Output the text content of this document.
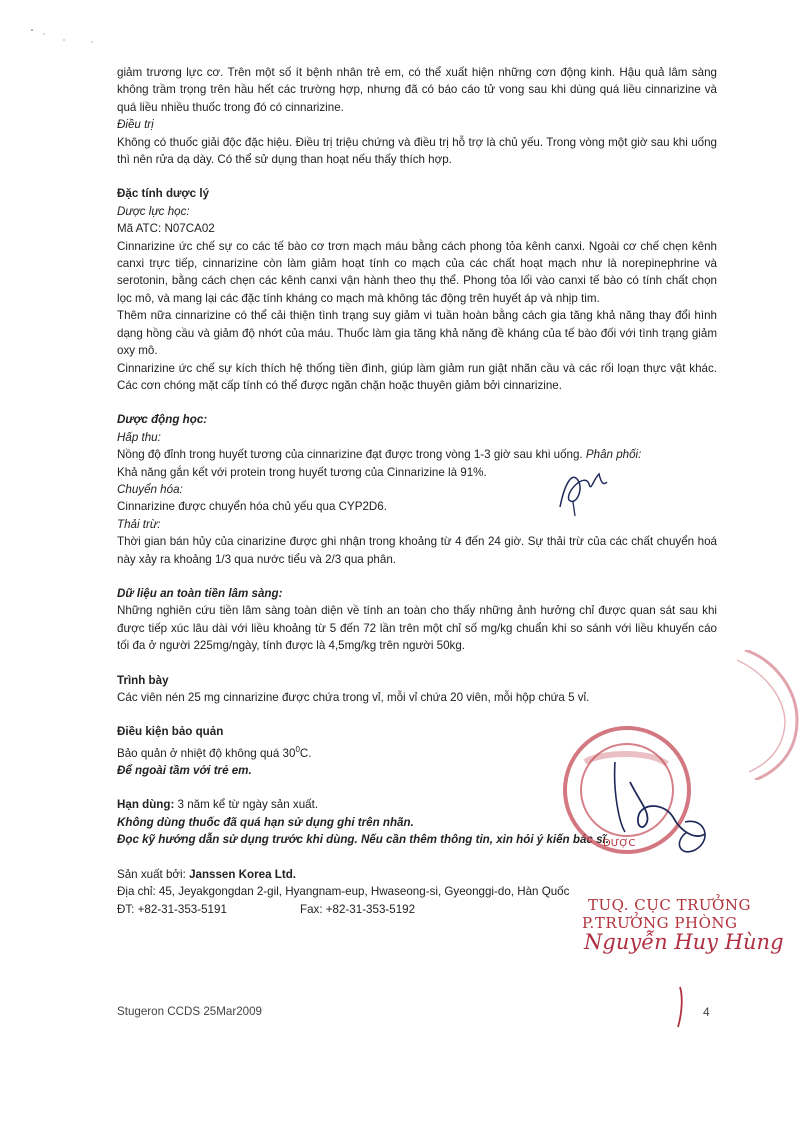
giảm trương lực cơ. Trên một số ít bệnh nhân trẻ em, có thể xuất hiện những cơn động kinh. Hậu quả lâm sàng không trầm trọng trên hầu hết các trường hợp, nhưng đã có báo cáo tử vong sau khi dùng quá liều cinnarizine và quá liều nhiều thuốc trong đó có cinnarizine.

Điều trị

Không có thuốc giải độc đặc hiệu. Điều trị triệu chứng và điều trị hỗ trợ là chủ yếu. Trong vòng một giờ sau khi uống thì nên rửa dạ dày. Có thể sử dụng than hoạt nếu thấy thích hợp.

Đặc tính dược lý

Dược lực học:

Mã ATC: N07CA02

Cinnarizine ức chế sự co các tế bào cơ trơn mạch máu bằng cách phong tỏa kênh canxi. Ngoài cơ chế chẹn kênh canxi trực tiếp, cinnarizine còn làm giảm hoạt tính co mạch của các chất hoạt mạch như là norepinephrine và serotonin, bằng cách chẹn các kênh canxi vận hành theo thụ thể. Phong tỏa lối vào canxi tế bào có tính chất chọn lọc mô, và mang lại các đặc tính kháng co mạch mà không tác động trên huyết áp và nhịp tim.

Thêm nữa cinnarizine có thể cải thiện tình trạng suy giảm vi tuần hoàn bằng cách gia tăng khả năng thay đổi hình dạng hồng cầu và giảm độ nhớt của máu. Thuốc làm gia tăng khả năng đề kháng của tế bào đối với tình trạng giảm oxy mô.

Cinnarizine ức chế sự kích thích hệ thống tiền đình, giúp làm giảm run giật nhãn cầu và các rối loạn thực vật khác. Các cơn chóng mặt cấp tính có thể được ngăn chặn hoặc thuyên giảm bởi cinnarizine.

Dược động học:

Hấp thu:

Nồng độ đỉnh trong huyết tương của cinnarizine đạt được trong vòng 1-3 giờ sau khi uống. Phân phối:

Khả năng gắn kết với protein trong huyết tương của Cinnarizine là 91%.

Chuyển hóa:

Cinnarizine được chuyển hóa chủ yếu qua CYP2D6.

Thải trừ:

Thời gian bán hủy của cinarizine được ghi nhận trong khoảng từ 4 đến 24 giờ. Sự thải trừ của các chất chuyển hoá này xảy ra khoảng 1/3 qua nước tiểu và 2/3 qua phân.

Dữ liệu an toàn tiền lâm sàng:

Những nghiên cứu tiền lâm sàng toàn diện về tính an toàn cho thấy những ảnh hưởng chỉ được quan sát sau khi được tiếp xúc lâu dài với liều khoảng từ 5 đến 72 lần trên một chỉ số mg/kg chuẩn khi so sánh với liều khuyến cáo tối đa ở người 225mg/ngày, tính được là 4,5mg/kg trên người 50kg.

Trình bày

Các viên nén 25 mg cinnarizine được chứa trong vỉ, mỗi vỉ chứa 20 viên, mỗi hộp chứa 5 vỉ.

Điều kiện bảo quản

Bảo quản ở nhiệt độ không quá $30^0C$.

Để ngoài tầm với trẻ em.

Hạn dùng: 3 năm kể từ ngày sản xuất.

Không dùng thuốc đã quá hạn sử dụng ghi trên nhãn.

Đọc kỹ hướng dẫn sử dụng trước khi dùng. Nếu cần thêm thông tin, xin hỏi ý kiến bác sĩ.

Sản xuất bởi: Janssen Korea Ltd.

Địa chỉ: 45, Jeyakgongdan 2-gil, Hyangnam-eup, Hwaseong-si, Gyeonggi-do, Hàn Quốc

ĐT: +82-31-353-5191	Fax: +82-31-353-5192

DƯỢC
TUQ. CỤC TRƯỞNG
P.TRƯỞNG PHÒNG
Nguyễn Huy Hùng
Stugeron CCDS 25Mar2009	4
